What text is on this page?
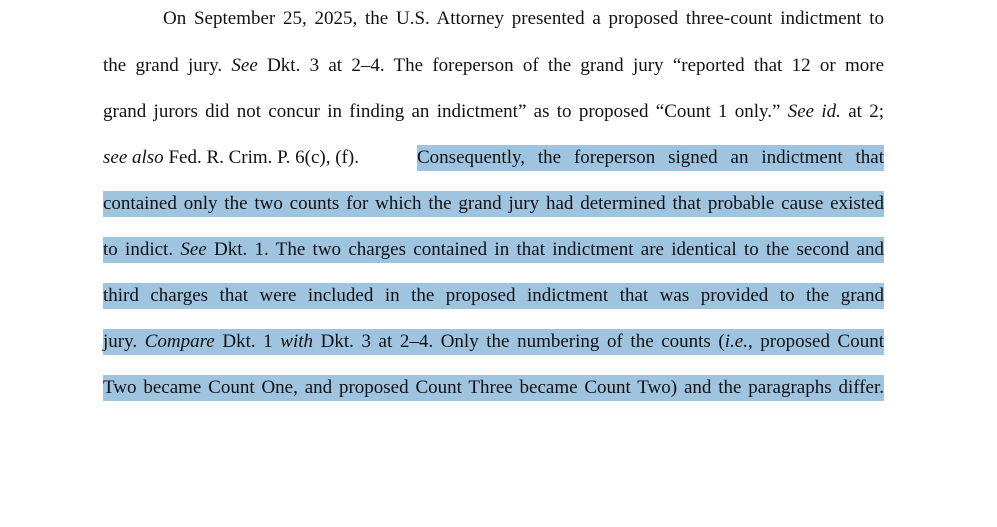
On September 25, 2025, the U.S. Attorney presented a proposed three-count indictment to
the grand jury. See Dkt. 3 at 2–4. The foreperson of the grand jury “reported that 12 or more
grand jurors did not concur in finding an indictment” as to proposed “Count 1 only.” See id. at 2;
see also Fed. R. Crim. P. 6(c), (f).	Consequently, the foreperson signed an indictment that
contained only the two counts for which the grand jury had determined that probable cause existed
to indict. See Dkt. 1. The two charges contained in that indictment are identical to the second and
third charges that were included in the proposed indictment that was provided to the grand
jury. Compare Dkt. 1 with Dkt. 3 at 2–4. Only the numbering of the counts (i.e., proposed Count
Two became Count One, and proposed Count Three became Count Two) and the paragraphs differ.
